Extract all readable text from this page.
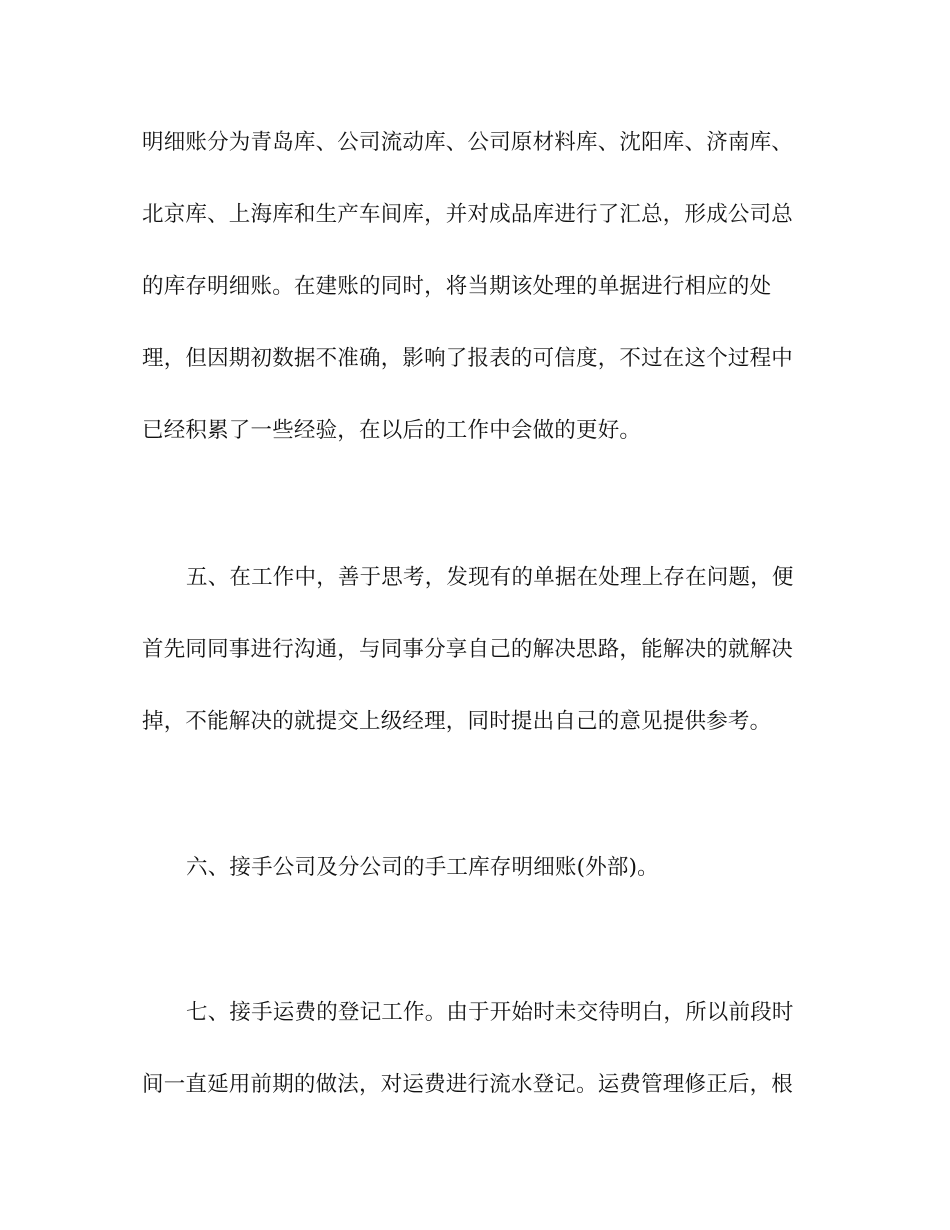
明细账分为青岛库、公司流动库、公司原材料库、沈阳库、济南库、
北京库、上海库和生产车间库，并对成品库进行了汇总，形成公司总
的库存明细账。在建账的同时，将当期该处理的单据进行相应的处
理，但因期初数据不准确，影响了报表的可信度，不过在这个过程中
已经积累了一些经验，在以后的工作中会做的更好。
五、在工作中，善于思考，发现有的单据在处理上存在问题，便
首先同同事进行沟通，与同事分享自己的解决思路，能解决的就解决
掉，不能解决的就提交上级经理，同时提出自己的意见提供参考。
六、接手公司及分公司的手工库存明细账(外部)。
七、接手运费的登记工作。由于开始时未交待明白，所以前段时
间一直延用前期的做法，对运费进行流水登记。运费管理修正后，根
